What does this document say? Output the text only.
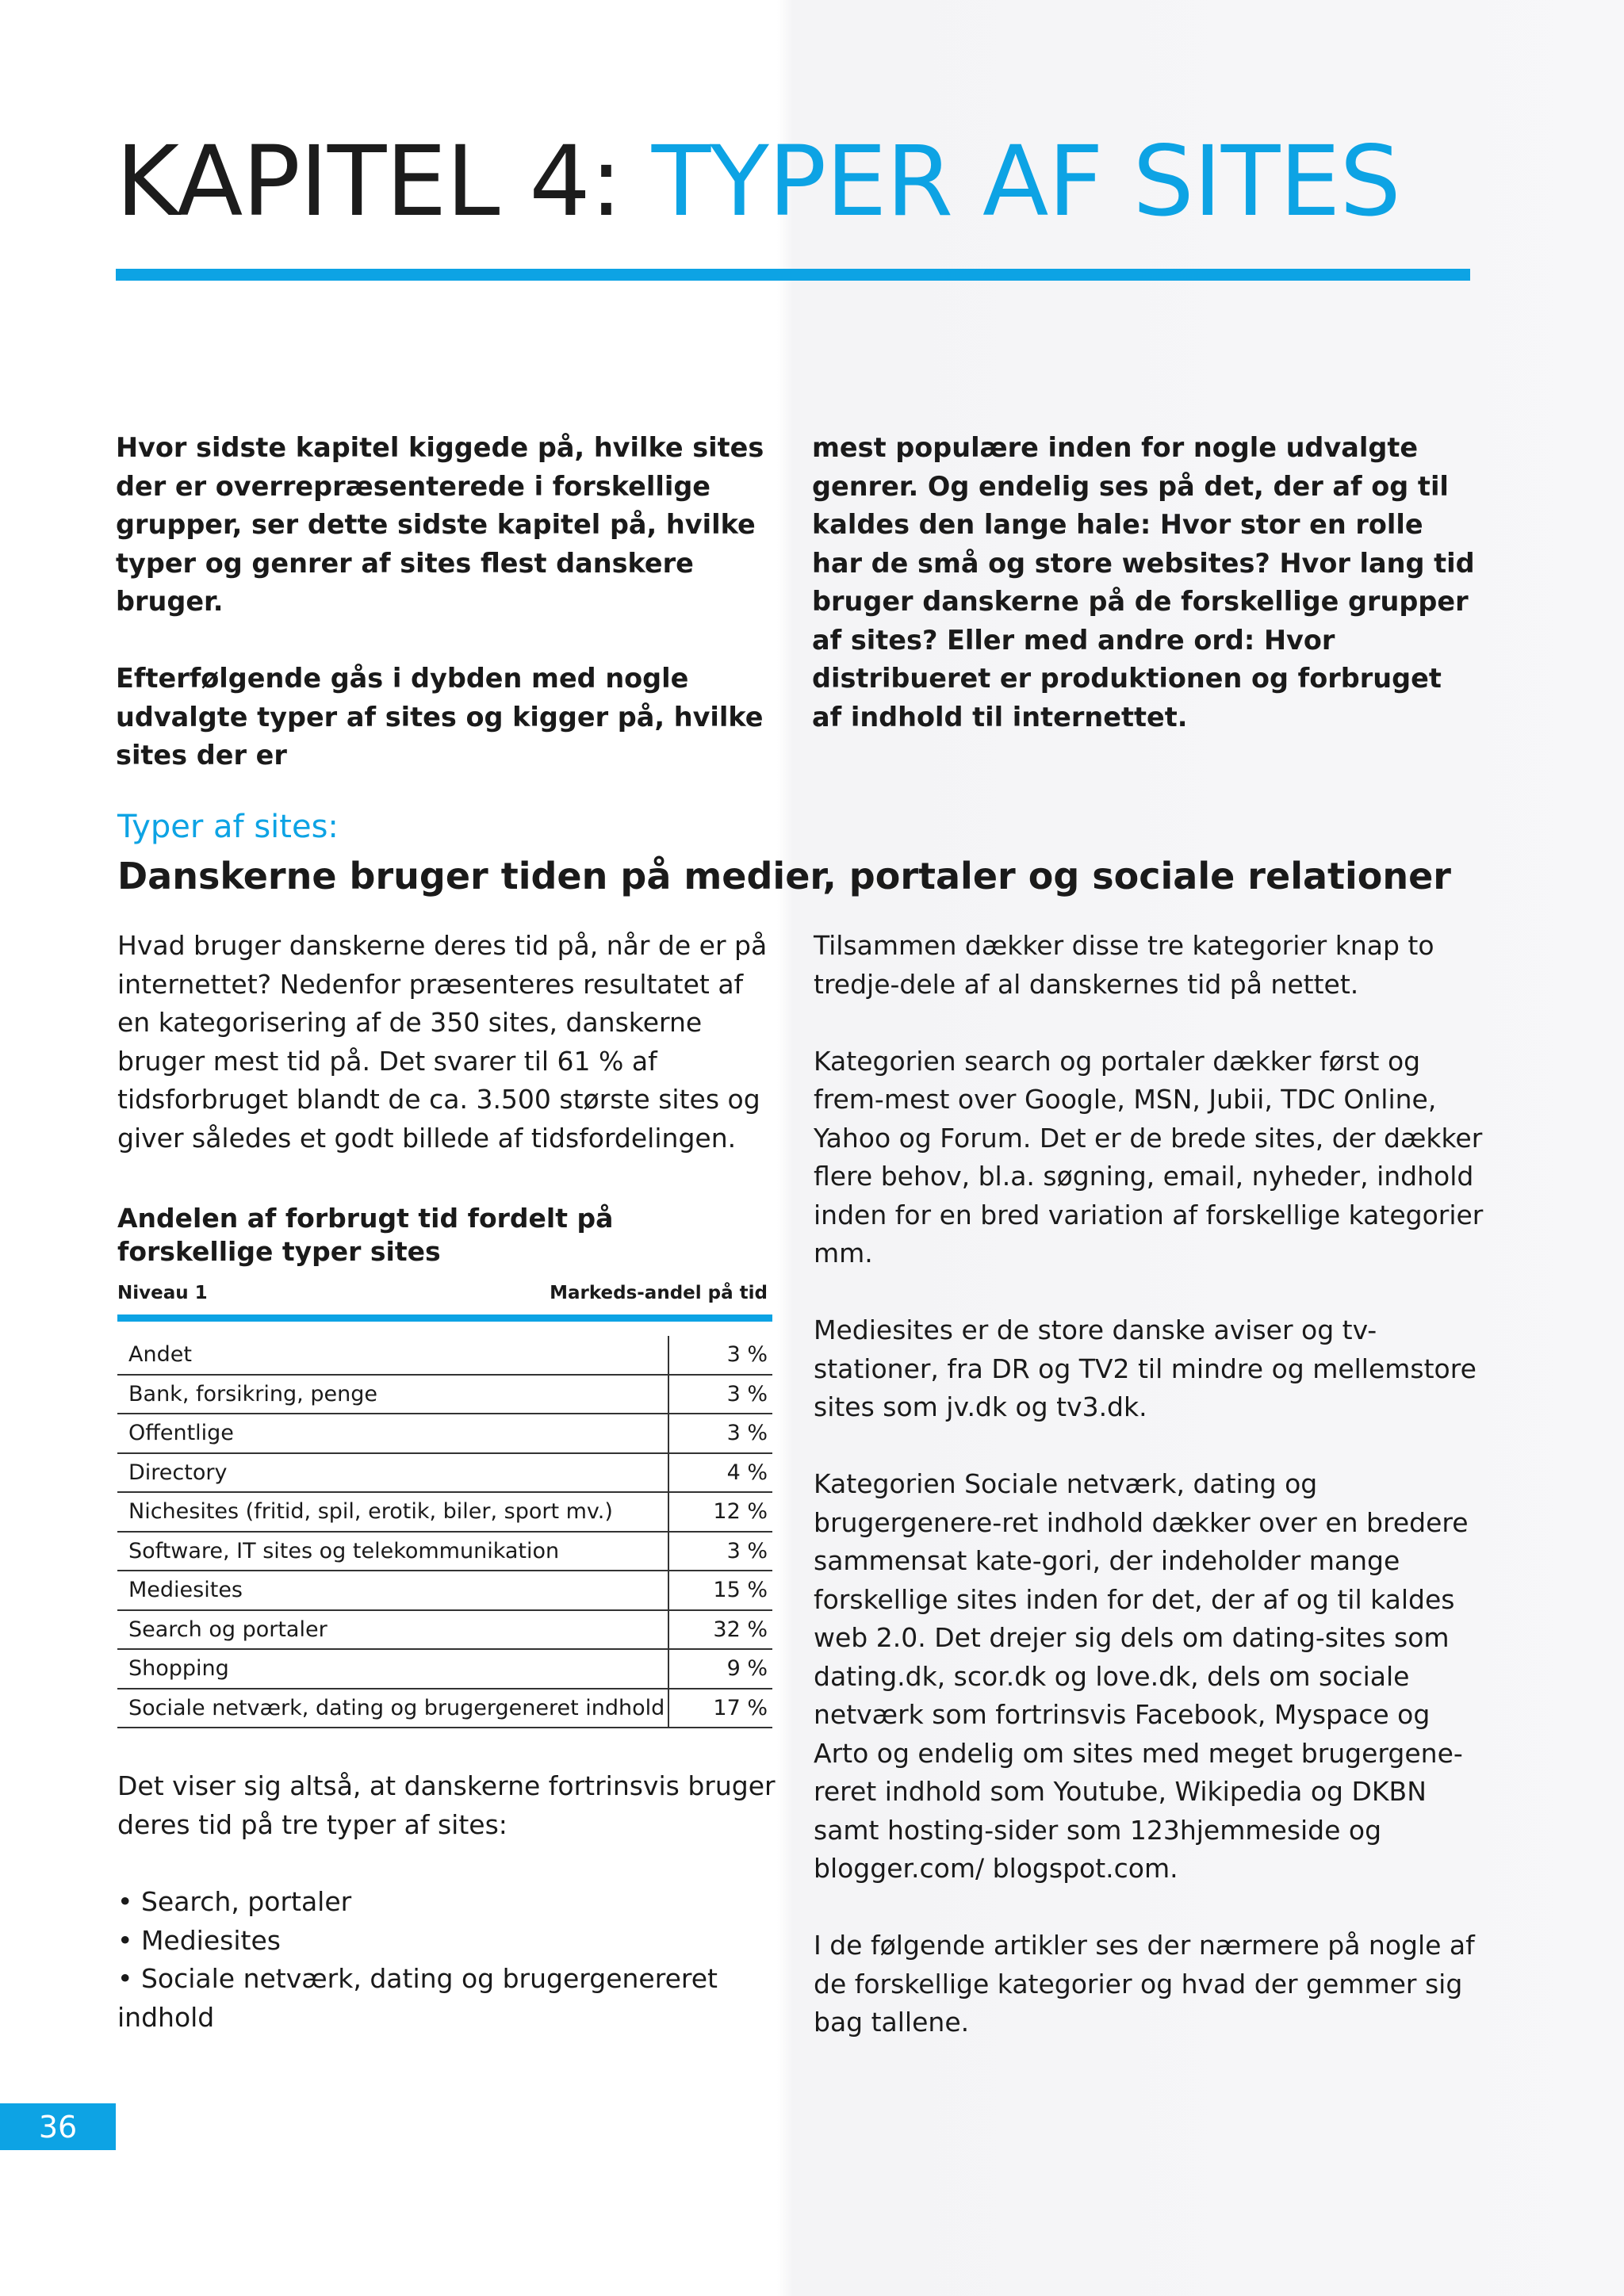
KAPITEL 4: TYPER AF SITES

Hvor sidste kapitel kiggede på, hvilke sites der er overrepræsenterede i forskellige grupper, ser dette sidste kapitel på, hvilke typer og genrer af sites flest danskere bruger.

Efterfølgende gås i dybden med nogle udvalgte typer af sites og kigger på, hvilke sites der er

mest populære inden for nogle udvalgte genrer. Og endelig ses på det, der af og til kaldes den lange hale: Hvor stor en rolle har de små og store websites? Hvor lang tid bruger danskerne på de forskellige grupper af sites? Eller med andre ord: Hvor distribueret er produktionen og forbruget af indhold til internettet.

Typer af sites:
Danskerne bruger tiden på medier, portaler og sociale relationer

Hvad bruger danskerne deres tid på, når de er på internettet? Nedenfor præsenteres resultatet af en kategorisering af de 350 sites, danskerne bruger mest tid på. Det svarer til 61 % af tidsforbruget blandt de ca. 3.500 største sites og giver således et godt billede af tidsfordelingen.

Andelen af forbrugt tid fordelt på forskellige typer sites
Niveau 1	Markeds-andel på tid
Andet	3 %
Bank, forsikring, penge	3 %
Offentlige	3 %
Directory	4 %
Nichesites (fritid, spil, erotik, biler, sport mv.)	12 %
Software, IT sites og telekommunikation	3 %
Mediesites	15 %
Search og portaler	32 %
Shopping	9 %
Sociale netværk, dating og brugergeneret indhold	17 %

Det viser sig altså, at danskerne fortrinsvis bruger deres tid på tre typer af sites:

• Search, portaler
• Mediesites
• Sociale netværk, dating og brugergenereret indhold

Tilsammen dækker disse tre kategorier knap to tredje-dele af al danskernes tid på nettet.

Kategorien search og portaler dækker først og frem-mest over Google, MSN, Jubii, TDC Online, Yahoo og Forum. Det er de brede sites, der dækker flere behov, bl.a. søgning, email, nyheder, indhold inden for en bred variation af forskellige kategorier mm.

Mediesites er de store danske aviser og tv-stationer, fra DR og TV2 til mindre og mellemstore sites som jv.dk og tv3.dk.

Kategorien Sociale netværk, dating og brugergenere-ret indhold dækker over en bredere sammensat kate-gori, der indeholder mange forskellige sites inden for det, der af og til kaldes web 2.0. Det drejer sig dels om dating-sites som dating.dk, scor.dk og love.dk, dels om sociale netværk som fortrinsvis Facebook, Myspace og Arto og endelig om sites med meget brugergene-reret indhold som Youtube, Wikipedia og DKBN samt hosting-sider som 123hjemmeside og blogger.com/ blogspot.com.

I de følgende artikler ses der nærmere på nogle af de forskellige kategorier og hvad der gemmer sig bag tallene.

36
